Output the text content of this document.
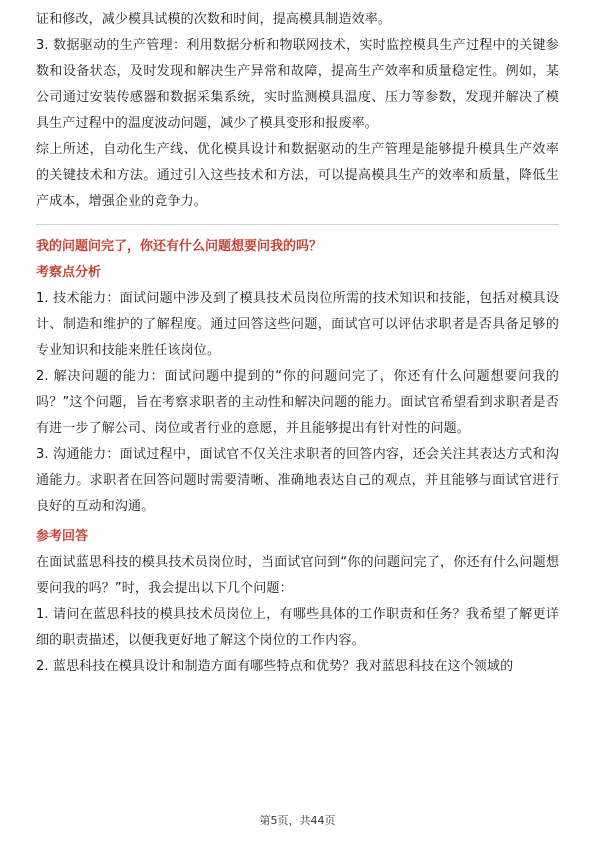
证和修改，减少模具试模的次数和时间，提高模具制造效率。

3. 数据驱动的生产管理：利用数据分析和物联网技术，实时监控模具生产过程中的关键参数和设备状态，及时发现和解决生产异常和故障，提高生产效率和质量稳定性。例如，某公司通过安装传感器和数据采集系统，实时监测模具温度、压力等参数，发现并解决了模具生产过程中的温度波动问题，减少了模具变形和报废率。

综上所述，自动化生产线、优化模具设计和数据驱动的生产管理是能够提升模具生产效率的关键技术和方法。通过引入这些技术和方法，可以提高模具生产的效率和质量，降低生产成本，增强企业的竞争力。

我的问题问完了，你还有什么问题想要问我的吗？

考察点分析

1. 技术能力：面试问题中涉及到了模具技术员岗位所需的技术知识和技能，包括对模具设计、制造和维护的了解程度。通过回答这些问题，面试官可以评估求职者是否具备足够的专业知识和技能来胜任该岗位。

2. 解决问题的能力：面试问题中提到的“你的问题问完了，你还有什么问题想要问我的吗？”这个问题，旨在考察求职者的主动性和解决问题的能力。面试官希望看到求职者是否有进一步了解公司、岗位或者行业的意愿，并且能够提出有针对性的问题。

3. 沟通能力：面试过程中，面试官不仅关注求职者的回答内容，还会关注其表达方式和沟通能力。求职者在回答问题时需要清晰、准确地表达自己的观点，并且能够与面试官进行良好的互动和沟通。

参考回答

在面试蓝思科技的模具技术员岗位时，当面试官问到“你的问题问完了，你还有什么问题想要问我的吗？”时，我会提出以下几个问题：

1. 请问在蓝思科技的模具技术员岗位上，有哪些具体的工作职责和任务？我希望了解更详细的职责描述，以便我更好地了解这个岗位的工作内容。

2. 蓝思科技在模具设计和制造方面有哪些特点和优势？我对蓝思科技在这个领域的

第5页，共44页
